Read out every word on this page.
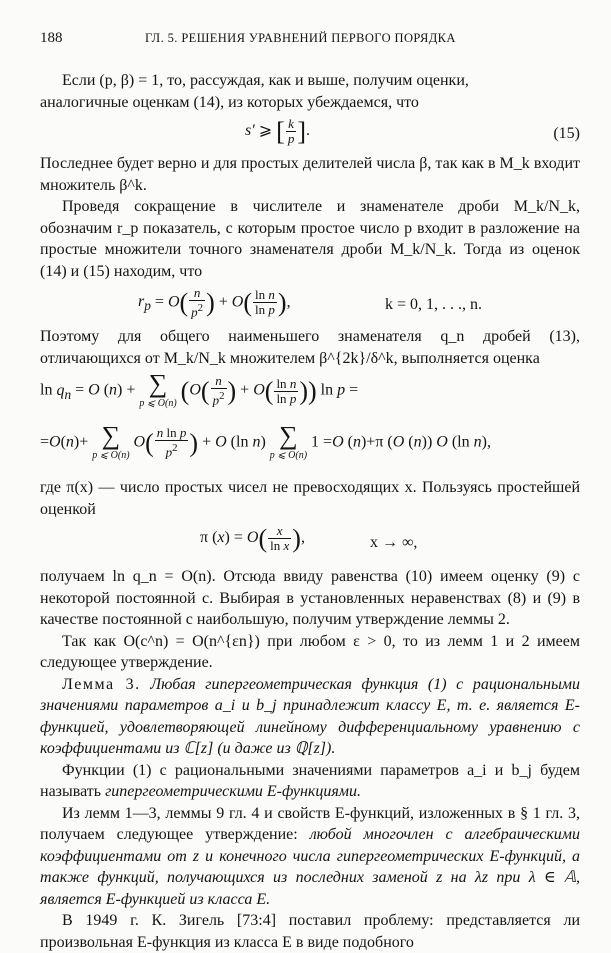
188	ГЛ. 5. РЕШЕНИЯ УРАВНЕНИЙ ПЕРВОГО ПОРЯДКА

Если (p, β) = 1, то, рассуждая, как и выше, получим оценки,

аналогичные оценкам (14), из которых убеждаемся, что

s′ ⩾ [ $\frac{k}{p}$ ].	(15)

Последнее будет верно и для простых делителей числа β, так как в M_k входит множитель β^k.

Проведя сокращение в числителе и знаменателе дроби M_k/N_k, обозначим r_p показатель, с которым простое число p входит в разложение на простые множители точного знаменателя дроби M_k/N_k. Тогда из оценок (14) и (15) находим, что

$r_p = O( \frac{n}{p^2}$ ) + $O( \frac{\text{ln n}}{\text{ln p}}$ ),	k = 0, 1, . . ., n.

Поэтому для общего наименьшего знаменателя q_n дробей (13), отличающихся от M_k/N_k множителем β^{2k}/δ^k, выполняется оценка

$\ln q_n = O$ (n) + ∑
p ⩽ O(n) ($O( \frac{n}{p^2}$ ) + $O( \frac{\text{ln n}}{\text{ln p}}$ )) ln p =
=O(n)+ ∑
p ⩽ O(n)
$O( \frac{\text{n ln p}}{p^2}$ ) + O (ln n) ∑
p ⩽ O(n)
1 =O (n)+π (O (n)) O (ln n),

где π(x) — число простых чисел не превосходящих x. Пользуясь простейшей оценкой

π $(x) = O( \frac{x}{\text{ln x}}$ ),	x → ∞,

получаем ln q_n = O(n). Отсюда ввиду равенства (10) имеем оценку (9) с некоторой постоянной c. Выбирая в установленных неравенствах (8) и (9) в качестве постоянной c наибольшую, получим утверждение леммы 2.

Так как O(c^n) = O(n^{εn}) при любом ε > 0, то из лемм 1 и 2 имеем следующее утверждение.

Лемма 3. Любая гипергеометрическая функция (1) с рациональными значениями параметров a_i и b_j принадлежит классу E, т. е. является E-функцией, удовлетворяющей линейному дифференциальному уравнению с коэффициентами из ℂ[z] (и даже из ℚ[z]).

Функции (1) с рациональными значениями параметров a_i и b_j будем называть гипергеометрическими E-функциями.

Из лемм 1—3, леммы 9 гл. 4 и свойств E-функций, изложенных в § 1 гл. 3, получаем следующее утверждение: любой многочлен с алгебраическими коэффициентами от z и конечного числа гипергеометрических E-функций, а также функций, получающихся из последних заменой z на λz при λ ∈ 𝔸, является E-функцией из класса E.

В 1949 г. К. Зигель [73:4] поставил проблему: представляется ли произвольная E-функция из класса E в виде подобного
